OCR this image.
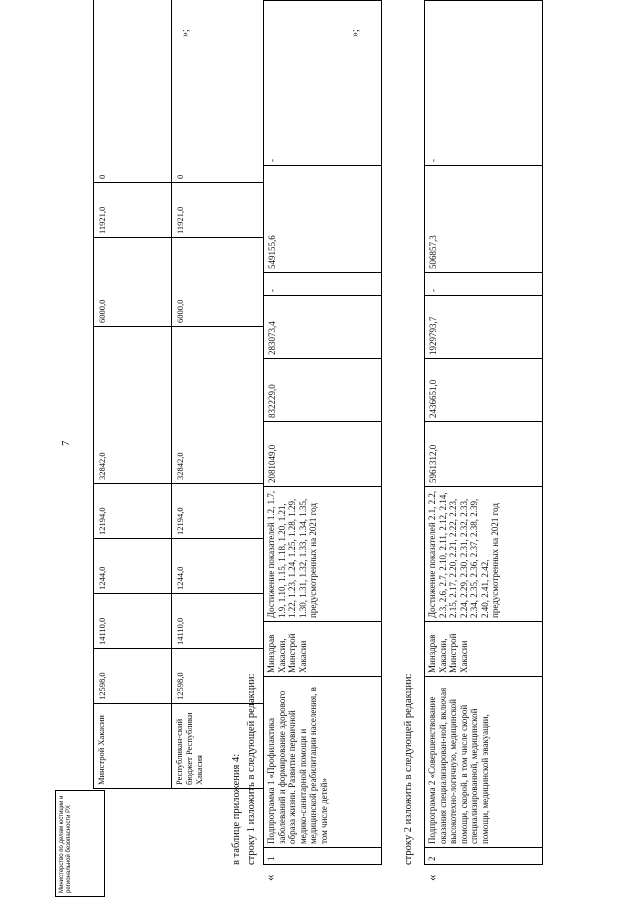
7
Минстрой Хакасии	12598,0	14110,0	1244,0	12194,0	32842,0	6000,0	11921,0	0
Республикан-ский бюджет Республики Хакасия	12598,0	14110,0	1244,0	12194,0	32842,0	6000,0	11921,0	0
»;
в таблице приложения 4: строку 1 изложить в следующей редакции:
«
1	Подпрограмма 1 «Профилактика заболеваний и формирование здорового образа жизни. Развитие первичной медико-санитарной помощи и медицинской реабилитации населения, в том числе детей»	Минздрав Хакасии, Минстрой Хакасии	Достижение показателей 1.2, 1.7, 1.9, 1.10, 1.15, 1.18, 1.20, 1.21, 1.22, 1.23, 1.24, 1.25, 1.28, 1.29, 1.30, 1.31, 1.32, 1.33, 1.34, 1.35, предусмотренных на 2021 год	2081049,0	832229,0	283073,4	-	549155,6	-
»;
строку 2 изложить в следующей редакции:
«
2	Подпрограмма 2 «Совершенствование оказания специализирован-ной, включая высокотехно-логичную, медицинской помощи, скорой, в том числе скорой специализированной, медицинской помощи, медицинской эвакуации,	Минздрав Хакасии, Минстрой Хакасии	Достижение показателей 2.1, 2.2, 2.3, 2.6, 2.7, 2.10, 2.11, 2.12, 2.14, 2.15, 2.17, 2.20, 2.21, 2.22, 2.23, 2.24, 2.29, 2.30, 2.31, 2.32, 2.33, 2.34, 2.35, 2.36, 2.37, 2.38, 2.39, 2.40, 2.41, 2.42, предусмотренных на 2021 год	5961312,0	2436651,0	1929793,7	-	506857,3	-
Министерство по делам юстиции и региональной безопасности РХ
